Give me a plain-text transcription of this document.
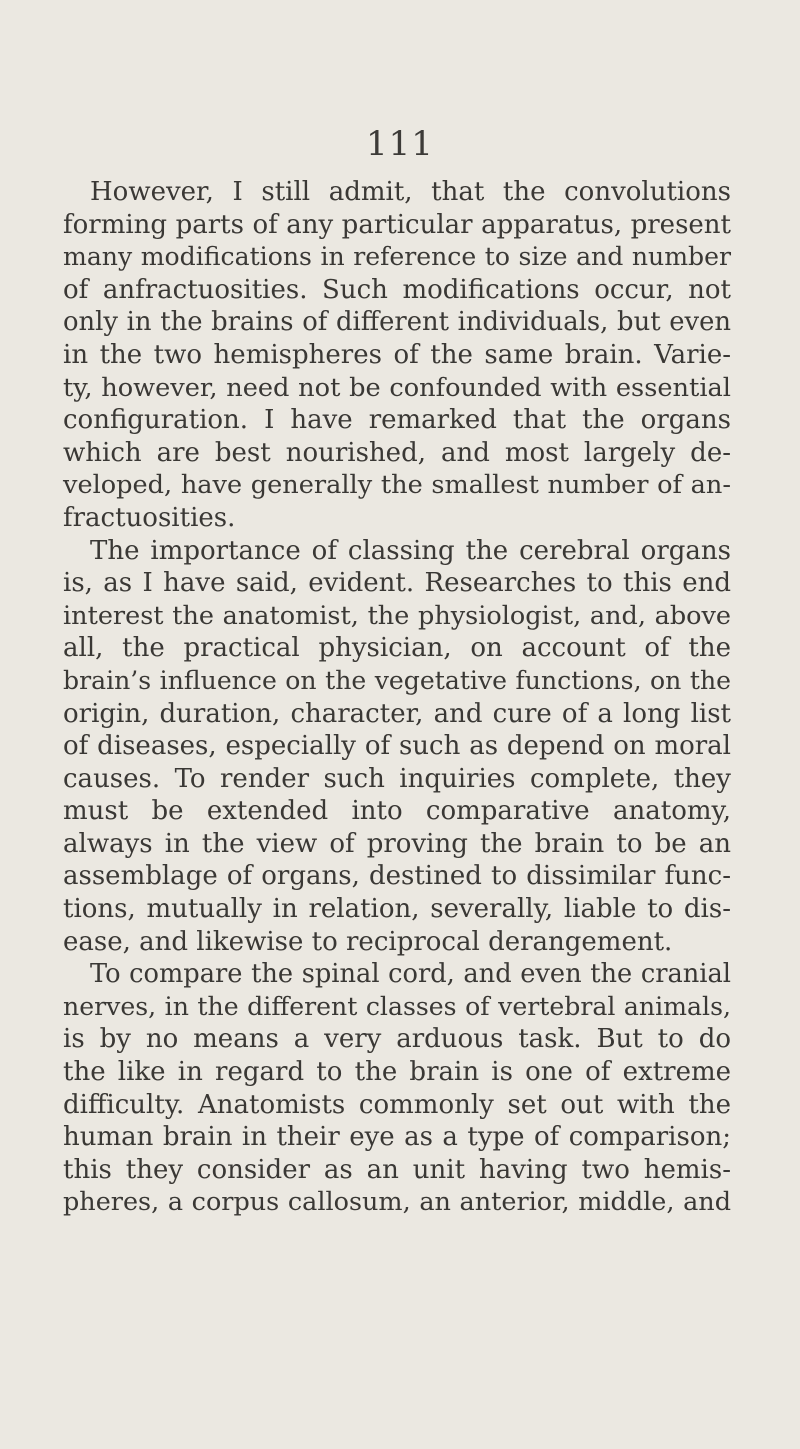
111
However, I still admit, that the convolutions
forming parts of any particular apparatus, present
many modifications in reference to size and number
of anfractuosities. Such modifications occur, not
only in the brains of different individuals, but even
in the two hemispheres of the same brain. Varie-
ty, however, need not be confounded with essential
configuration. I have remarked that the organs
which are best nourished, and most largely de-
veloped, have generally the smallest number of an-
fractuosities.
The importance of classing the cerebral organs
is, as I have said, evident. Researches to this end
interest the anatomist, the physiologist, and, above
all, the practical physician, on account of the
brain’s influence on the vegetative functions, on the
origin, duration, character, and cure of a long list
of diseases, especially of such as depend on moral
causes. To render such inquiries complete, they
must be extended into comparative anatomy,
always in the view of proving the brain to be an
assemblage of organs, destined to dissimilar func-
tions, mutually in relation, severally, liable to dis-
ease, and likewise to reciprocal derangement.
To compare the spinal cord, and even the cranial
nerves, in the different classes of vertebral animals,
is by no means a very arduous task. But to do
the like in regard to the brain is one of extreme
difficulty. Anatomists commonly set out with the
human brain in their eye as a type of comparison;
this they consider as an unit having two hemis-
pheres, a corpus callosum, an anterior, middle, and
